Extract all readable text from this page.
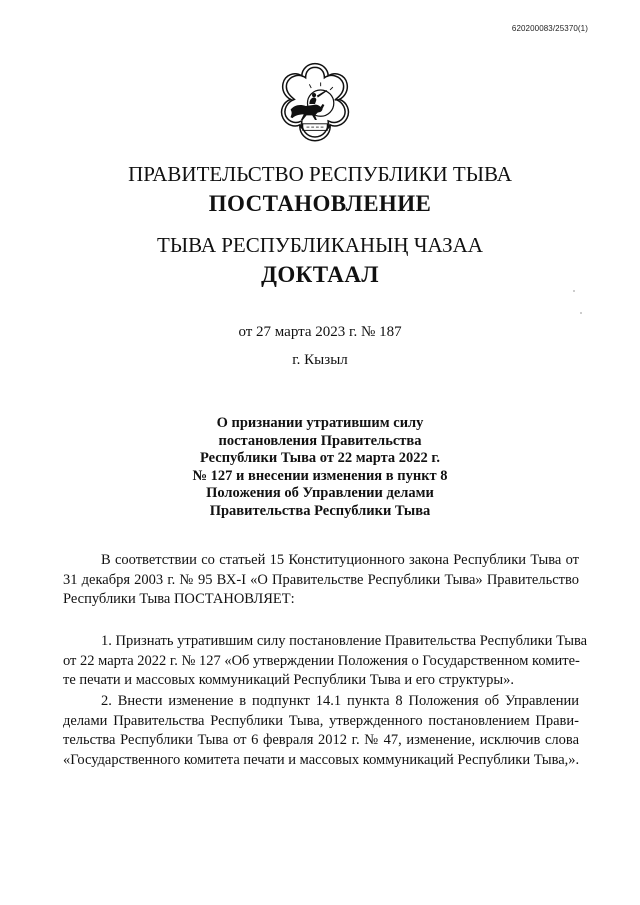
620200083/25370(1)
ПРАВИТЕЛЬСТВО РЕСПУБЛИКИ ТЫВА
ПОСТАНОВЛЕНИЕ
ТЫВА РЕСПУБЛИКАНЫҢ ЧАЗАА
ДОКТААЛ
от 27 марта 2023 г. № 187
г. Кызыл
О признании утратившим силу
постановления Правительства
Республики Тыва от 22 марта 2022 г.
№ 127 и внесении изменения в пункт 8
Положения об Управлении делами
Правительства Республики Тыва
В соответствии со статьей 15 Конституционного закона Республики Тыва от
31 декабря 2003 г. № 95 ВХ-I «О Правительстве Республики Тыва» Правительство
Республики Тыва ПОСТАНОВЛЯЕТ:
1. Признать утратившим силу постановление Правительства Республики Тыва
от 22 марта 2022 г. № 127 «Об утверждении Положения о Государственном комите-
те печати и массовых коммуникаций Республики Тыва и его структуры».
2. Внести изменение в подпункт 14.1 пункта 8 Положения об Управлении
делами Правительства Республики Тыва, утвержденного постановлением Прави-
тельства Республики Тыва от 6 февраля 2012 г. № 47, изменение, исключив слова
«Государственного комитета печати и массовых коммуникаций Республики Тыва,».
